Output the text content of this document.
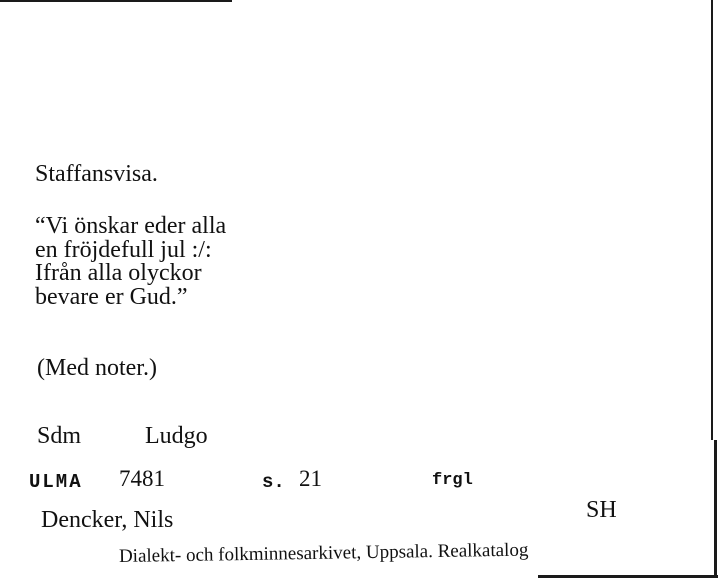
Staffansvisa.
“Vi önskar eder alla
en fröjdefull jul :/:
Ifrån alla olyckor
bevare er Gud.”
(Med noter.)
Sdm	Ludgo
ULMA 7481	s. 21	frgl
Dencker, Nils	SH
Dialekt- och folkminnesarkivet, Uppsala. Realkatalog
